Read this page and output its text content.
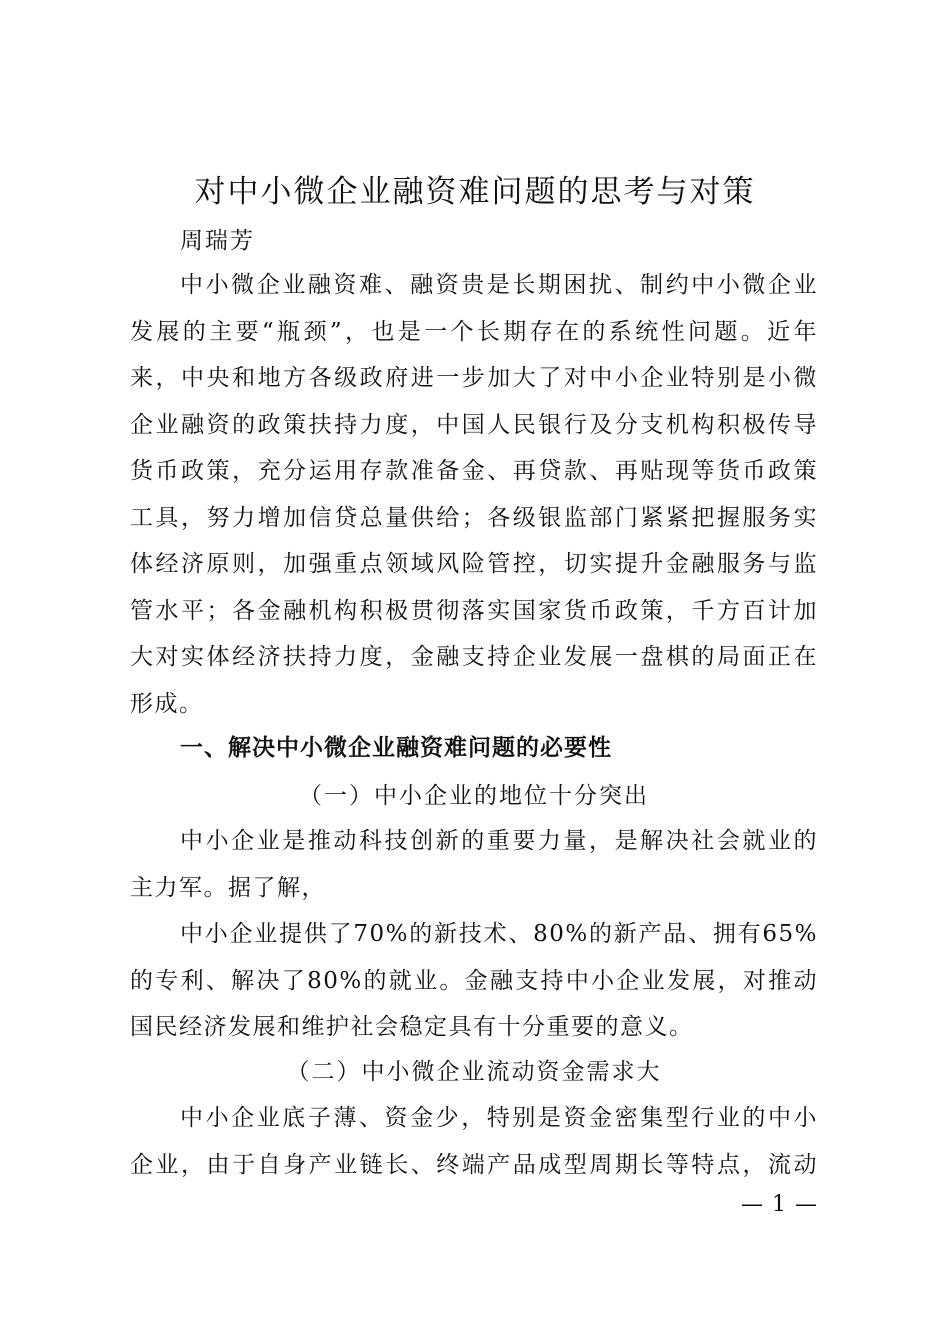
对中小微企业融资难问题的思考与对策
周瑞芳
中小微企业融资难、融资贵是长期困扰、制约中小微企业
发展的主要“瓶颈”，也是一个长期存在的系统性问题。近年
来，中央和地方各级政府进一步加大了对中小企业特别是小微
企业融资的政策扶持力度，中国人民银行及分支机构积极传导
货币政策，充分运用存款准备金、再贷款、再贴现等货币政策
工具，努力增加信贷总量供给；各级银监部门紧紧把握服务实
体经济原则，加强重点领域风险管控，切实提升金融服务与监
管水平；各金融机构积极贯彻落实国家货币政策，千方百计加
大对实体经济扶持力度，金融支持企业发展一盘棋的局面正在
形成。
一、解决中小微企业融资难问题的必要性
（一）中小企业的地位十分突出
中小企业是推动科技创新的重要力量，是解决社会就业的
主力军。据了解，
中小企业提供了70%的新技术、80%的新产品、拥有65%
的专利、解决了80%的就业。金融支持中小企业发展，对推动
国民经济发展和维护社会稳定具有十分重要的意义。
（二）中小微企业流动资金需求大
中小企业底子薄、资金少，特别是资金密集型行业的中小
企业，由于自身产业链长、终端产品成型周期长等特点，流动
— 1 —
